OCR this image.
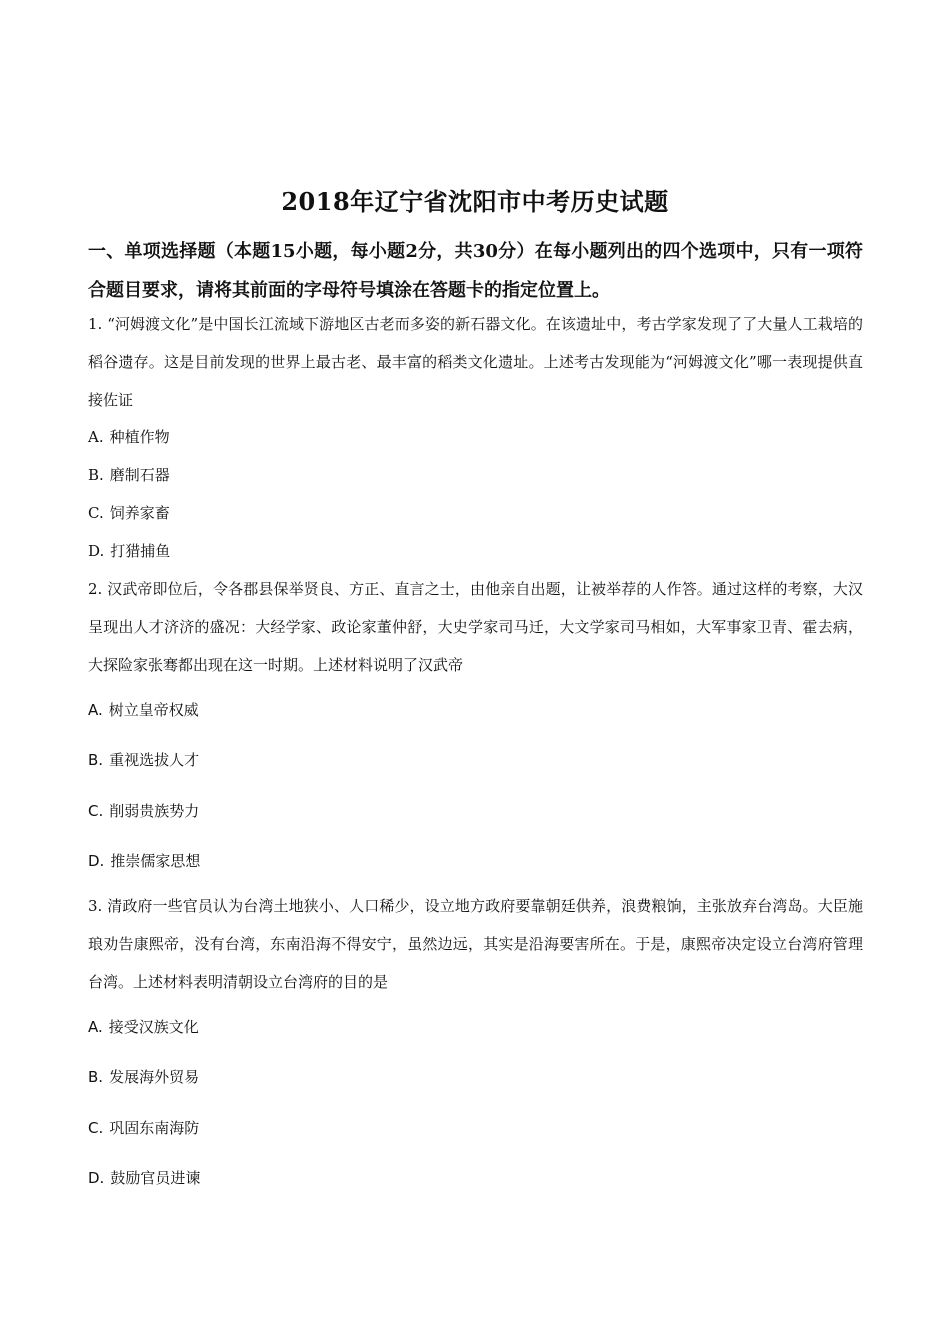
2018年辽宁省沈阳市中考历史试题
一、单项选择题（本题15小题，每小题2分，共30分）在每小题列出的四个选项中，只有一项符合题目要求，请将其前面的字母符号填涂在答题卡的指定位置上。
1. “河姆渡文化”是中国长江流域下游地区古老而多姿的新石器文化。在该遗址中，考古学家发现了了大量人工栽培的稻谷遗存。这是目前发现的世界上最古老、最丰富的稻类文化遗址。上述考古发现能为“河姆渡文化”哪一表现提供直接佐证
A. 种植作物
B. 磨制石器
C. 饲养家畜
D. 打猎捕鱼
2. 汉武帝即位后，令各郡县保举贤良、方正、直言之士，由他亲自出题，让被举荐的人作答。通过这样的考察，大汉呈现出人才济济的盛况：大经学家、政论家董仲舒，大史学家司马迁，大文学家司马相如，大军事家卫青、霍去病，大探险家张骞都出现在这一时期。上述材料说明了汉武帝
A. 树立皇帝权威
B. 重视选拔人才
C. 削弱贵族势力
D. 推崇儒家思想
3. 清政府一些官员认为台湾土地狭小、人口稀少，设立地方政府要靠朝廷供养，浪费粮饷，主张放弃台湾岛。大臣施琅劝告康熙帝，没有台湾，东南沿海不得安宁，虽然边远，其实是沿海要害所在。于是，康熙帝决定设立台湾府管理台湾。上述材料表明清朝设立台湾府的目的是
A. 接受汉族文化
B. 发展海外贸易
C. 巩固东南海防
D. 鼓励官员进谏
